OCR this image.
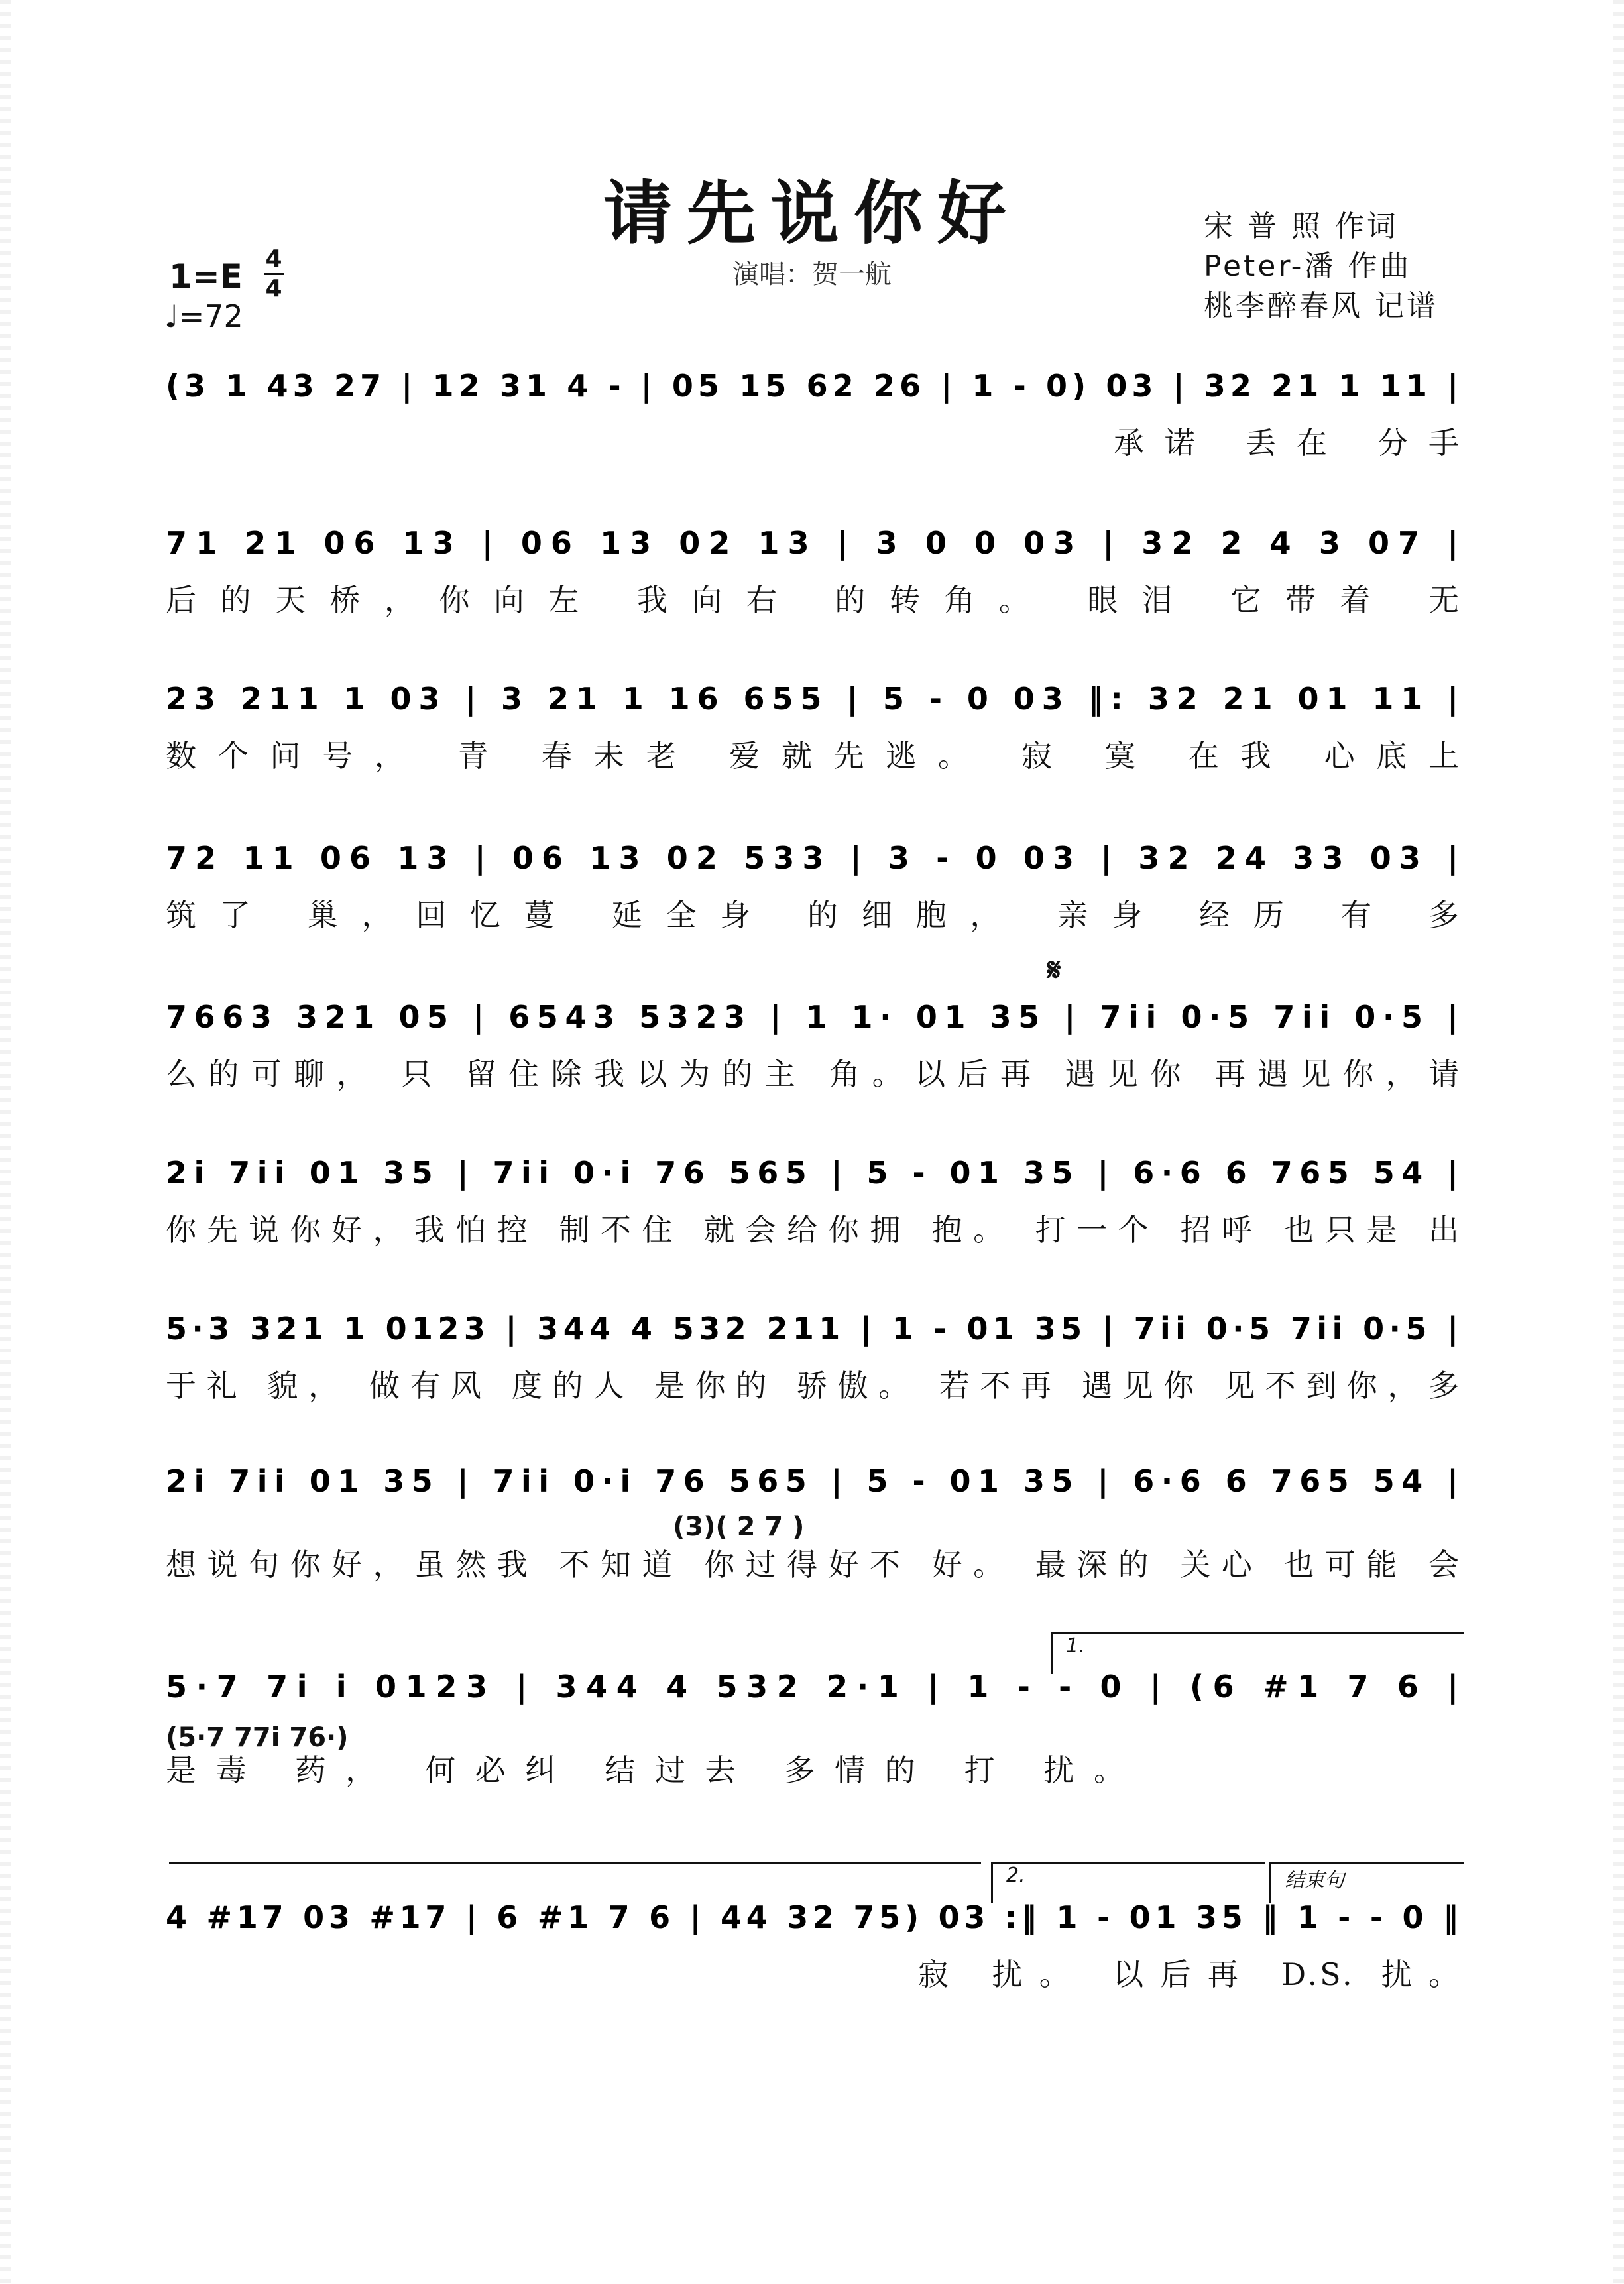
请先说你好
演唱：贺一航
宋 普 照 作词
Peter-潘 作曲
桃李醉春风 记谱
1=E 4
4
♩=72
(3 1 43 27 | 12 31 4 - | 05 15 62 26 | 1 - 0) 03 | 32 21 1 11 |
承诺 丢在 分手
71 21 06 13 | 06 13 02 13 | 3 0 0 03 | 32 2 4 3 07 |
后的天桥，你向左 我向右 的转角。 眼泪 它带着 无
23 211 1 03 | 3 21 1 16 655 | 5 - 0 03 ‖: 32 21 01 11 |
数个问号， 青 春未老 爱就先逃。 寂 寞 在我 心底上
72 11 06 13 | 06 13 02 533 | 3 - 0 03 | 32 24 33 03 |
筑了 巢，回忆蔓 延全身 的细胞， 亲身 经历 有 多
𝄋
7663 321 05 | 6543 5323 | 1 1· 01 35 | 7ii 0·5 7ii 0·5 |
么的可聊， 只 留住除我以为的主 角。以后再 遇见你 再遇见你，请
2i 7ii 01 35 | 7ii 0·i 76 565 | 5 - 01 35 | 6·6 6 765 54 |
你先说你好，我怕控 制不住 就会给你拥 抱。 打一个 招呼 也只是 出
5·3 321 1 0123 | 344 4 532 211 | 1 - 01 35 | 7ii 0·5 7ii 0·5 |
于礼 貌， 做有风 度的人 是你的 骄傲。 若不再 遇见你 见不到你，多
2i 7ii 01 35 | 7ii 0·i 76 565 | 5 - 01 35 | 6·6 6 765 54 |
(3)( 2 7 )
想说句你好，虽然我 不知道 你过得好不 好。 最深的 关心 也可能 会
1.
5·7 7i i 0123 | 344 4 532 2·1 | 1 - - 0 | (6 #1 7 6 |
(5·7 77i 76·)
是毒 药， 何必纠 结过去 多情的 打 扰。
2.	结束句
4 #17 03 #17 | 6 #1 7 6 | 44 32 75) 03 :‖ 1 - 01 35 ‖ 1 - - 0 ‖
寂 扰。 以后再 D.S. 扰。
